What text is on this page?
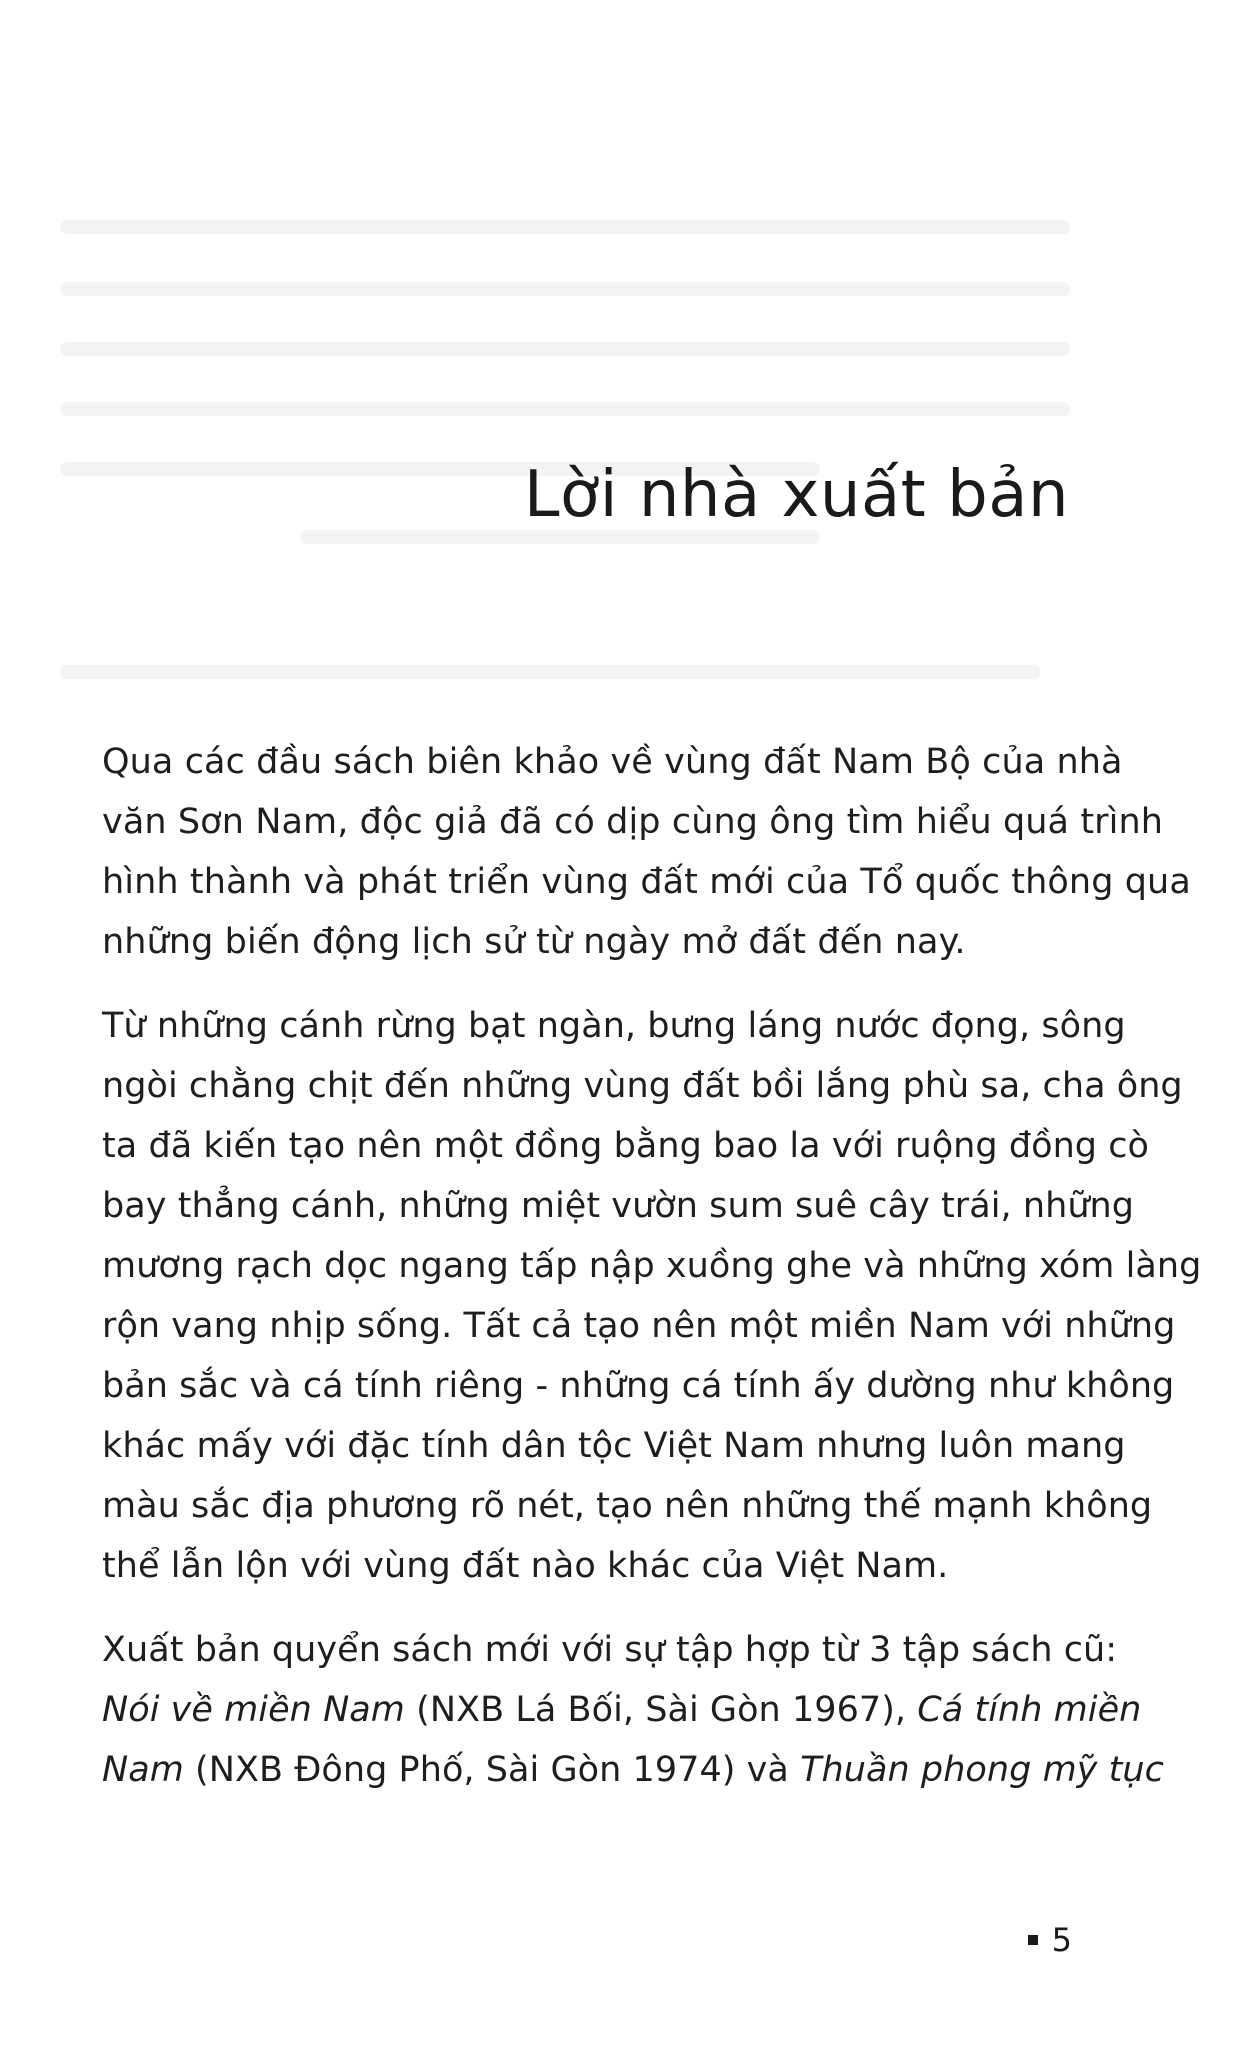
Lời nhà xuất bản

Qua các đầu sách biên khảo về vùng đất Nam Bộ của nhà
văn Sơn Nam, độc giả đã có dịp cùng ông tìm hiểu quá trình
hình thành và phát triển vùng đất mới của Tổ quốc thông qua
những biến động lịch sử từ ngày mở đất đến nay.

Từ những cánh rừng bạt ngàn, bưng láng nước đọng, sông
ngòi chằng chịt đến những vùng đất bồi lắng phù sa, cha ông
ta đã kiến tạo nên một đồng bằng bao la với ruộng đồng cò
bay thẳng cánh, những miệt vườn sum suê cây trái, những
mương rạch dọc ngang tấp nập xuồng ghe và những xóm làng
rộn vang nhịp sống. Tất cả tạo nên một miền Nam với những
bản sắc và cá tính riêng - những cá tính ấy dường như không
khác mấy với đặc tính dân tộc Việt Nam nhưng luôn mang
màu sắc địa phương rõ nét, tạo nên những thế mạnh không
thể lẫn lộn với vùng đất nào khác của Việt Nam.

Xuất bản quyển sách mới với sự tập hợp từ 3 tập sách cũ:
Nói về miền Nam (NXB Lá Bối, Sài Gòn 1967), Cá tính miền
Nam (NXB Đông Phố, Sài Gòn 1974) và Thuần phong mỹ tục

5
